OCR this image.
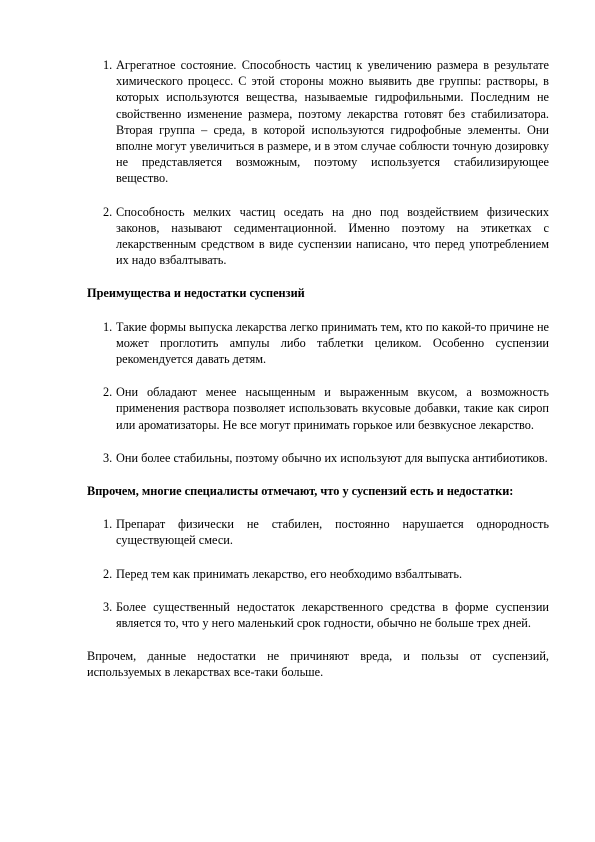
1 . Агрегатное состояние. Способность частиц к увеличению размера в результате химического процесс. С этой стороны можно выявить две группы: растворы, в которых используются вещества, называемые гидрофильными. Последним не свойственно изменение размера, поэтому лекарства готовят без стабилизатора. Вторая группа – среда, в которой используются гидрофобные элементы. Они вполне могут увеличиться в размере, и в этом случае соблюсти точную дозировку не представляется возможным, поэтому используется стабилизирующее вещество.
2 . Способность мелких частиц оседать на дно под воздействием физических законов, называют седиментационной. Именно поэтому на этикетках с лекарственным средством в виде суспензии написано, что перед употреблением их надо взбалтывать.

Преимущества и недостатки суспензий

1 . Такие формы выпуска лекарства легко принимать тем, кто по какой-то причине не может проглотить ампулы либо таблетки целиком. Особенно суспензии рекомендуется давать детям.
2 . Они обладают менее насыщенным и выраженным вкусом, а возможность применения раствора позволяет использовать вкусовые добавки, такие как сироп или ароматизаторы. Не все могут принимать горькое или безвкусное лекарство.
3 . Они более стабильны, поэтому обычно их используют для выпуска антибиотиков.

Впрочем, многие специалисты отмечают, что у суспензий есть и недостатки:

1 . Препарат физически не стабилен, постоянно нарушается однородность существующей смеси.
2 . Перед тем как принимать лекарство, его необходимо взбалтывать.
3 . Более существенный недостаток лекарственного средства в форме суспензии является то, что у него маленький срок годности, обычно не больше трех дней.

Впрочем, данные недостатки не причиняют вреда, и пользы от суспензий, используемых в лекарствах все-таки больше.
